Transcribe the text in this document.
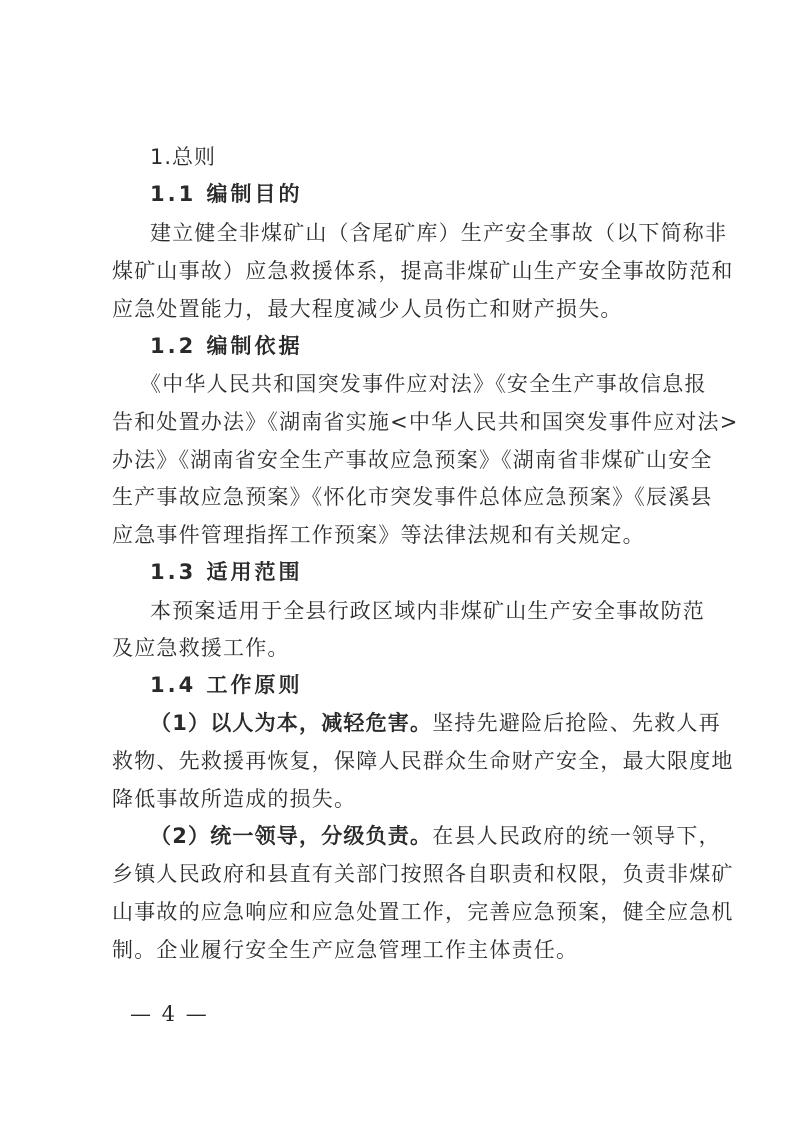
1.总则
1.1 编制目的
建立健全非煤矿山（含尾矿库）生产安全事故（以下简称非
煤矿山事故）应急救援体系，提高非煤矿山生产安全事故防范和
应急处置能力，最大程度减少人员伤亡和财产损失。
1.2 编制依据
《中华人民共和国突发事件应对法》《安全生产事故信息报
告和处置办法》《湖南省实施<中华人民共和国突发事件应对法>
办法》《湖南省安全生产事故应急预案》《湖南省非煤矿山安全
生产事故应急预案》《怀化市突发事件总体应急预案》《辰溪县
应急事件管理指挥工作预案》等法律法规和有关规定。
1.3 适用范围
本预案适用于全县行政区域内非煤矿山生产安全事故防范
及应急救援工作。
1.4 工作原则
（1）以人为本，减轻危害。坚持先避险后抢险、先救人再
救物、先救援再恢复，保障人民群众生命财产安全，最大限度地
降低事故所造成的损失。
（2）统一领导，分级负责。在县人民政府的统一领导下，
乡镇人民政府和县直有关部门按照各自职责和权限，负责非煤矿
山事故的应急响应和应急处置工作，完善应急预案，健全应急机
制。企业履行安全生产应急管理工作主体责任。
— 4 —
